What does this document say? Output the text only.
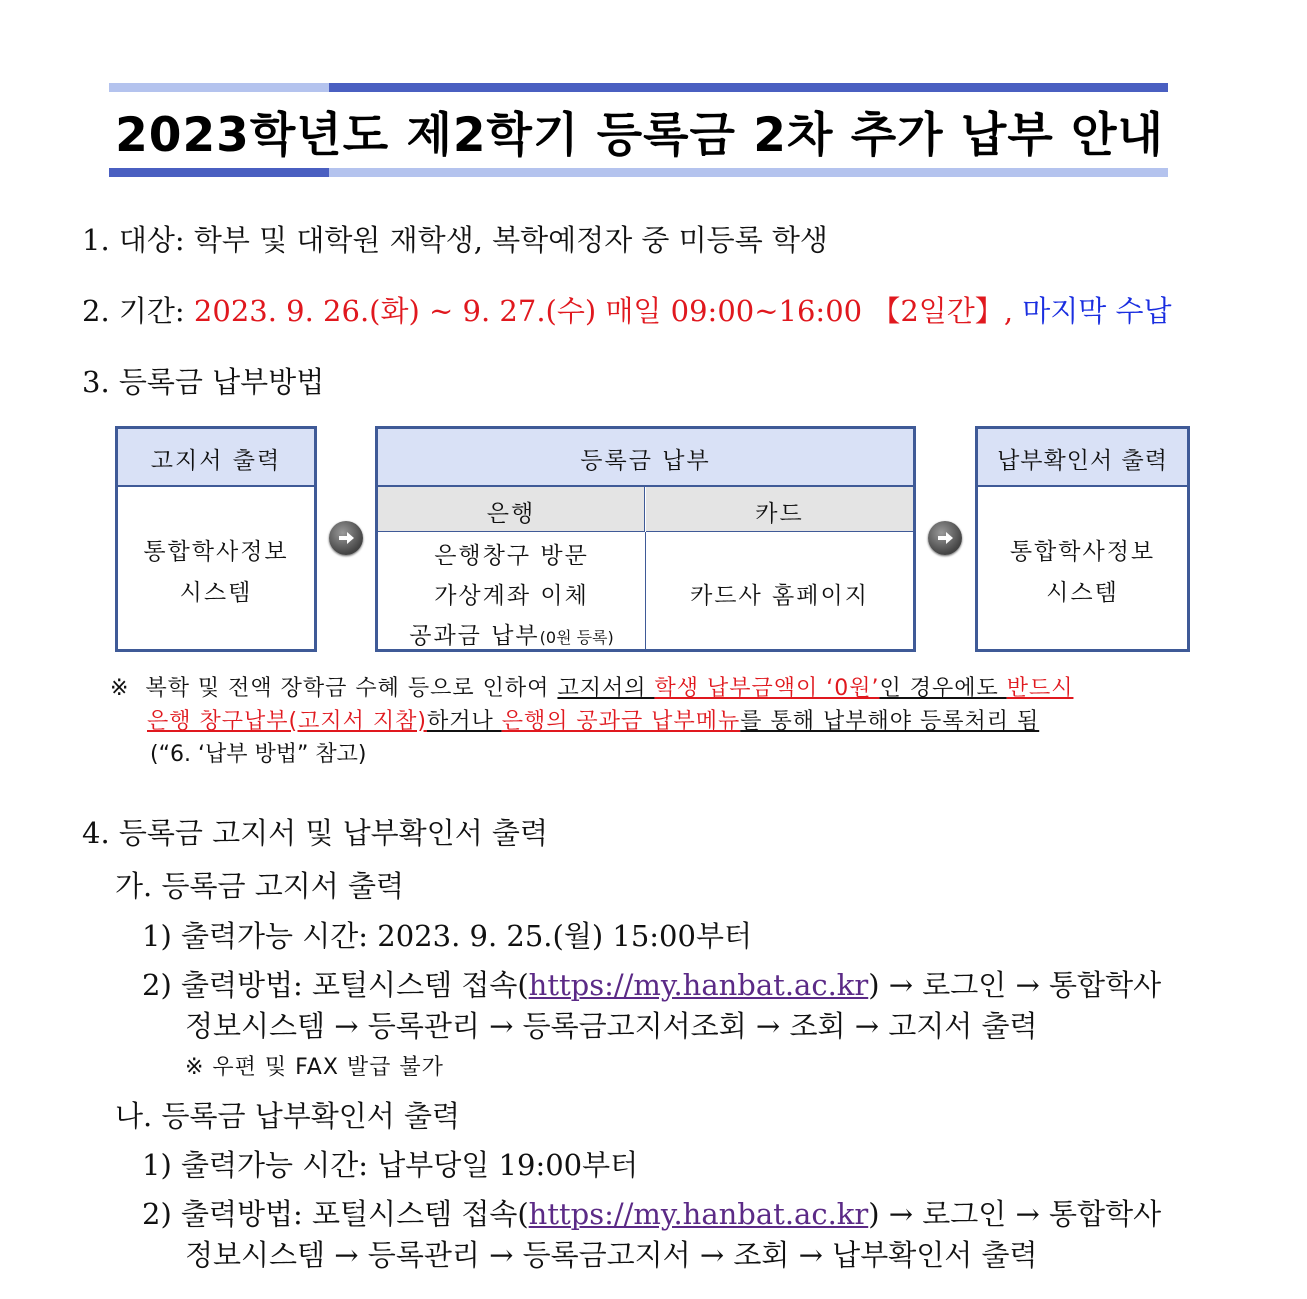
2023학년도 제2학기 등록금 2차 추가 납부 안내
1. 대상: 학부 및 대학원 재학생, 복학예정자 중 미등록 학생
2. 기간: 2023. 9. 26.(화) ~ 9. 27.(수) 매일 09:00~16:00 【2일간】, 마지막 수납
3. 등록금 납부방법
고지서 출력
통합학사정보
시스템
등록금 납부
은행	카드
은행창구 방문
가상계좌 이체
공과금 납부(0원 등록)
카드사 홈페이지
납부확인서 출력
통합학사정보
시스템
※ 복학 및 전액 장학금 수혜 등으로 인하여 고지서의 학생 납부금액이 ‘0원’인 경우에도 반드시
은행 창구납부(고지서 지참)하거나 은행의 공과금 납부메뉴를 통해 납부해야 등록처리 됨
(“6. ‘납부 방법” 참고)
4. 등록금 고지서 및 납부확인서 출력
가. 등록금 고지서 출력
1) 출력가능 시간: 2023. 9. 25.(월) 15:00부터
2) 출력방법: 포털시스템 접속(https://my.hanbat.ac.kr) → 로그인 → 통합학사
정보시스템 → 등록관리 → 등록금고지서조회 → 조회 → 고지서 출력
※ 우편 및 FAX 발급 불가
나. 등록금 납부확인서 출력
1) 출력가능 시간: 납부당일 19:00부터
2) 출력방법: 포털시스템 접속(https://my.hanbat.ac.kr) → 로그인 → 통합학사
정보시스템 → 등록관리 → 등록금고지서 → 조회 → 납부확인서 출력
